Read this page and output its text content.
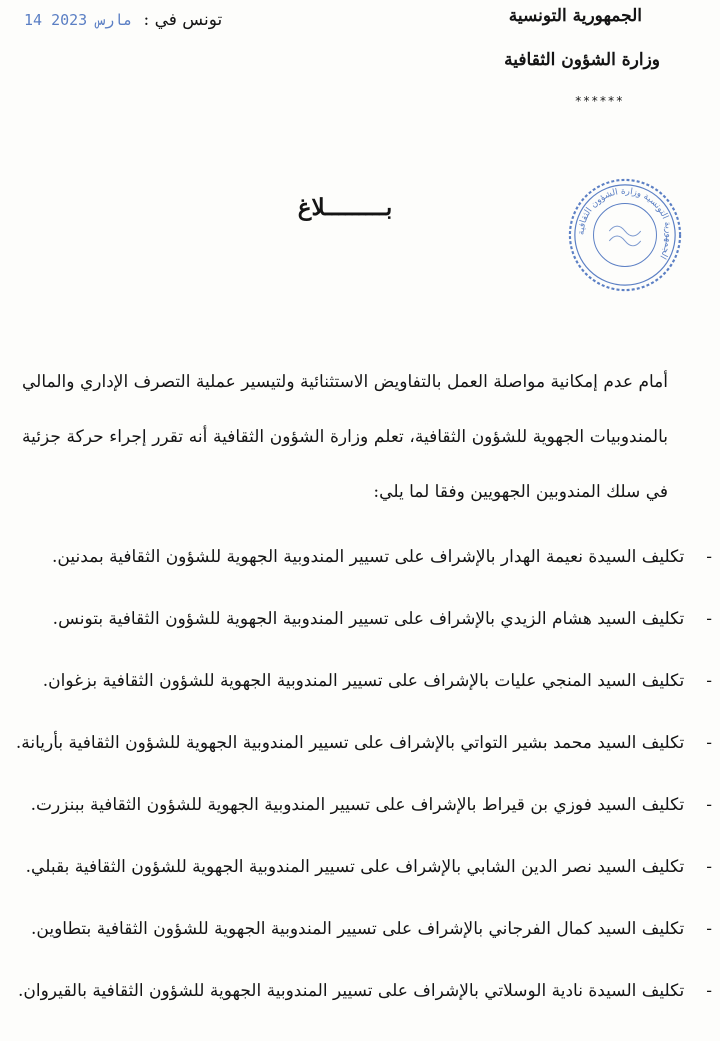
الجمهورية التونسية
وزارة الشؤون الثقافية
******
14 مارس 2023 تونس في :
الجمهورية التونسية وزارة الشؤون الثقافية
بـــــــــلاغ

أمام عدم إمكانية مواصلة العمل بالتفاويض الاستثنائية ولتيسير عملية التصرف الإداري والمالي بالمندوبيات الجهوية للشؤون الثقافية، تعلم وزارة الشؤون الثقافية أنه تقرر إجراء حركة جزئية في سلك المندوبين الجهويين وفقا لما يلي:

-تكليف السيدة نعيمة الهدار بالإشراف على تسيير المندوبية الجهوية للشؤون الثقافية بمدنين.
-تكليف السيد هشام الزيدي بالإشراف على تسيير المندوبية الجهوية للشؤون الثقافية بتونس.
-تكليف السيد المنجي عليات بالإشراف على تسيير المندوبية الجهوية للشؤون الثقافية بزغوان.
-تكليف السيد محمد بشير التواتي بالإشراف على تسيير المندوبية الجهوية للشؤون الثقافية بأريانة.
-تكليف السيد فوزي بن قيراط بالإشراف على تسيير المندوبية الجهوية للشؤون الثقافية ببنزرت.
-تكليف السيد نصر الدين الشابي بالإشراف على تسيير المندوبية الجهوية للشؤون الثقافية بقبلي.
-تكليف السيد كمال الفرجاني بالإشراف على تسيير المندوبية الجهوية للشؤون الثقافية بتطاوين.
-تكليف السيدة نادية الوسلاتي بالإشراف على تسيير المندوبية الجهوية للشؤون الثقافية بالقيروان.
